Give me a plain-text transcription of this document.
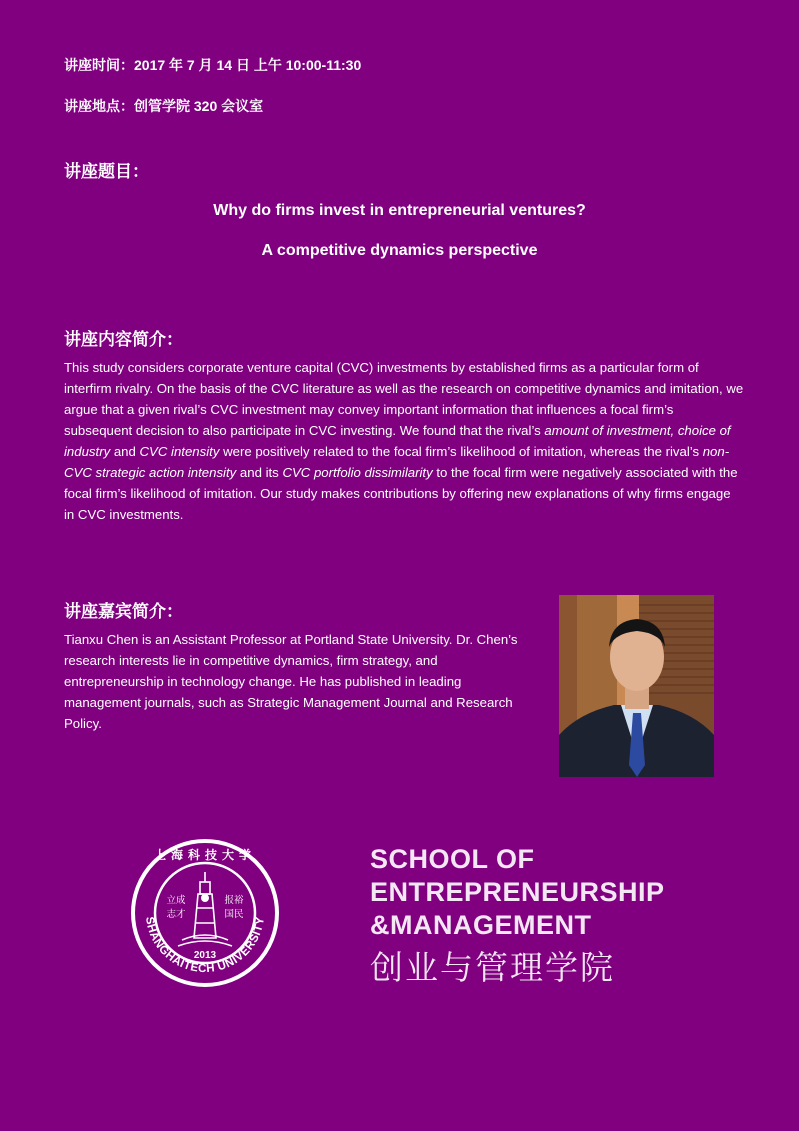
讲座时间：2017 年 7 月 14 日 上午 10:00-11:30
讲座地点：创管学院 320 会议室
讲座题目：
Why do firms invest in entrepreneurial ventures?
A competitive dynamics perspective
讲座内容简介：
This study considers corporate venture capital (CVC) investments by established firms as a particular form of interfirm rivalry. On the basis of the CVC literature as well as the research on competitive dynamics and imitation, we argue that a given rival’s CVC investment may convey important information that influences a focal firm’s subsequent decision to also participate in CVC investing. We found that the rival’s amount of investment, choice of industry and CVC intensity were positively related to the focal firm’s likelihood of imitation, whereas the rival’s non-CVC strategic action intensity and its CVC portfolio dissimilarity to the focal firm were negatively associated with the focal firm’s likelihood of imitation. Our study makes contributions by offering new explanations of why firms engage in CVC investments.
讲座嘉宾简介：
Tianxu Chen is an Assistant Professor at Portland State University. Dr. Chen’s research interests lie in competitive dynamics, firm strategy, and entrepreneurship in technology change. He has published in leading management journals, such as Strategic Management Journal and Research Policy.
SHANGHAITECH UNIVERSITY
上海科技大学
立成
志才
报裕
国民
2013
SCHOOL OF
ENTREPRENEURSHIP
&MANAGEMENT
创业与管理学院
